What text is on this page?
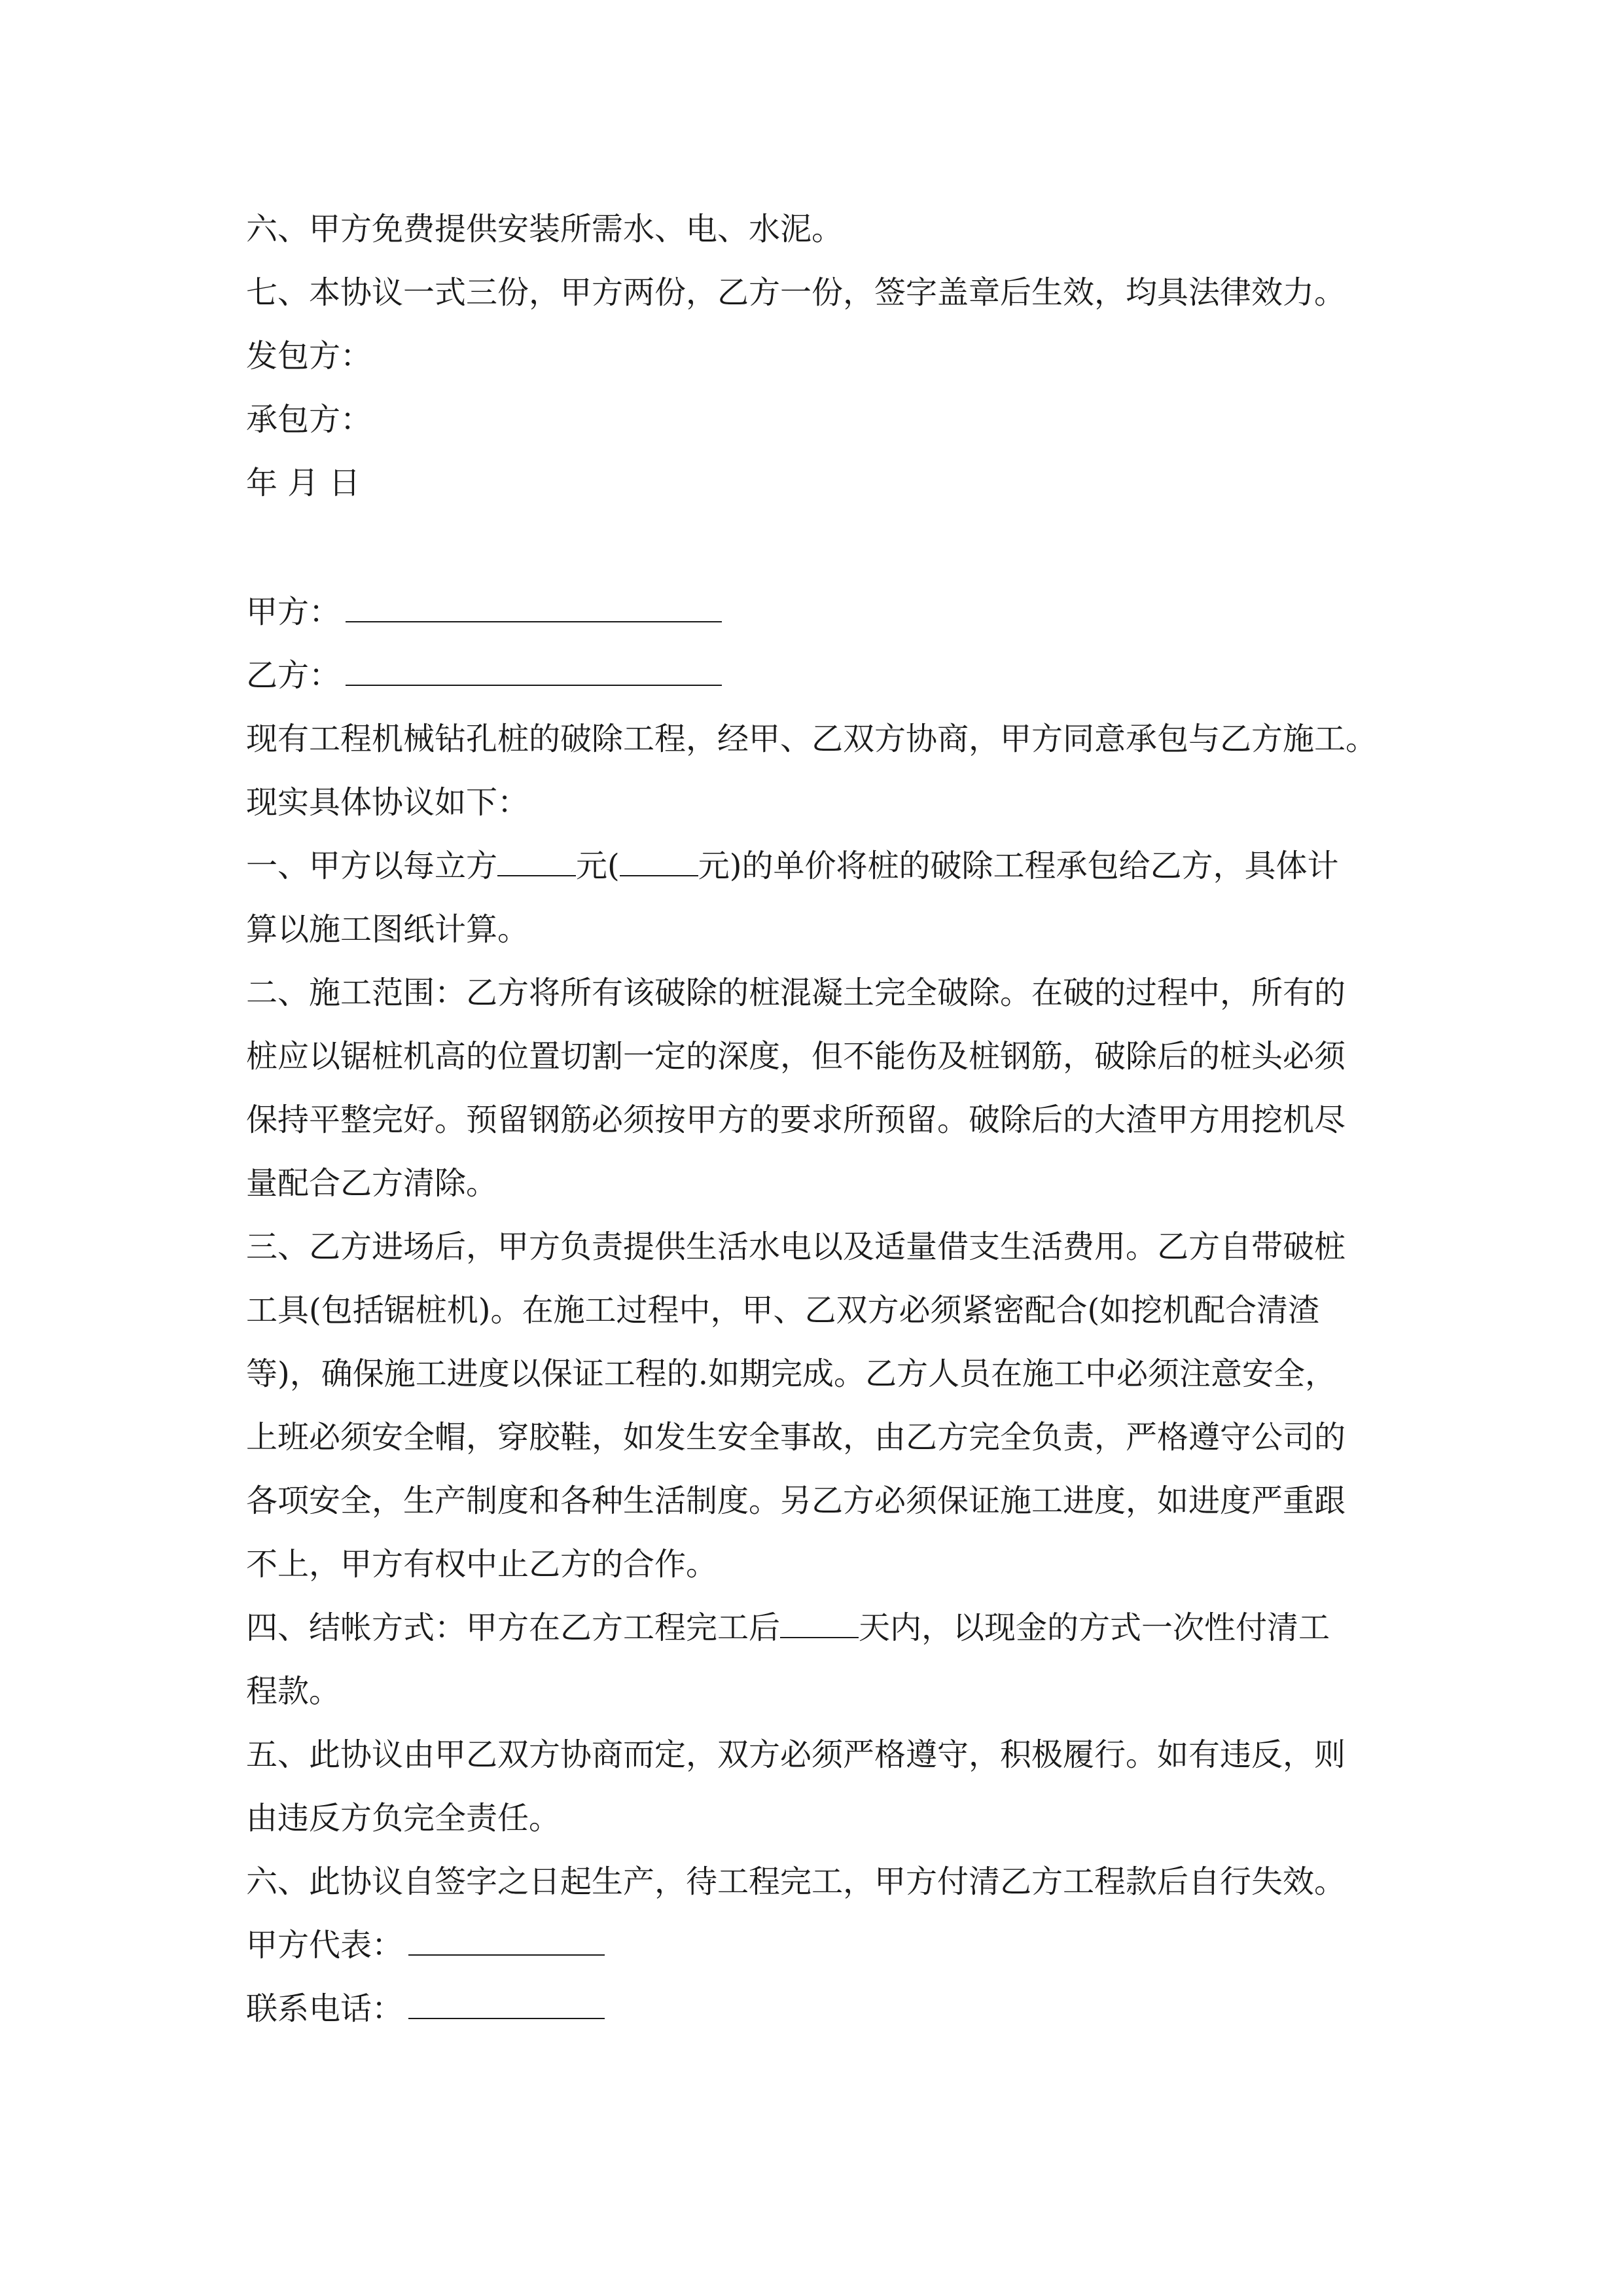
六、甲方免费提供安装所需水、电、水泥。

七、本协议一式三份，甲方两份，乙方一份，签字盖章后生效，均具法律效力。

发包方：

承包方：

年 月 日

甲方：

乙方：

现有工程机械钻孔桩的破除工程，经甲、乙双方协商，甲方同意承包与乙方施工。

现实具体协议如下：

一、甲方以每立方	元(	元)的单价将桩的破除工程承包给乙方，具体计

算以施工图纸计算。

二、施工范围：乙方将所有该破除的桩混凝土完全破除。在破的过程中，所有的

桩应以锯桩机高的位置切割一定的深度，但不能伤及桩钢筋，破除后的桩头必须

保持平整完好。预留钢筋必须按甲方的要求所预留。破除后的大渣甲方用挖机尽

量配合乙方清除。

三、乙方进场后，甲方负责提供生活水电以及适量借支生活费用。乙方自带破桩

工具(包括锯桩机)。在施工过程中，甲、乙双方必须紧密配合(如挖机配合清渣

等)，确保施工进度以保证工程的.如期完成。乙方人员在施工中必须注意安全，

上班必须安全帽，穿胶鞋，如发生安全事故，由乙方完全负责，严格遵守公司的

各项安全，生产制度和各种生活制度。另乙方必须保证施工进度，如进度严重跟

不上，甲方有权中止乙方的合作。

四、结帐方式：甲方在乙方工程完工后	天内，以现金的方式一次性付清工

程款。

五、此协议由甲乙双方协商而定，双方必须严格遵守，积极履行。如有违反，则

由违反方负完全责任。

六、此协议自签字之日起生产，待工程完工，甲方付清乙方工程款后自行失效。

甲方代表：

联系电话：
